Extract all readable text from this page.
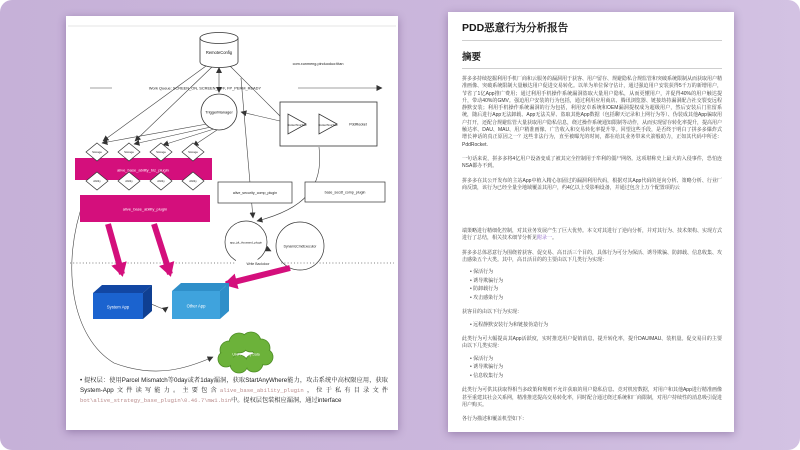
Work Queue: SCREEN_ON, SCREEN_OFF, FP_PERM_READY
RemoteConfig
com.xunmeng.pinduoduo:titan
TriggerManager
RocketTimeTask	RocketTimeTask	PddRocket
alive_base_ability_biz_plugin
Storage	Storage	Storage	Storage
Ability	Ability	Ability	Ability
alive_base_ability_plugin
alive_security_comp_plugin	base_secdt_comp_plugin
app_jdt_thousand_plugin
DynamicCmdExecutor
Write Backdoor
System App	Other App
User Privacy Data
• 提权层：使用Parcel Mismatch等0day或者1day漏洞，获取StartAnyWhere能力，攻击系统中高权限应用，获取System-App文件读写能力。主要包含alive_base_ability_plugin，位于私有目录文件bot\alive_strategy_base_plugin\0.46.7\mw1.bin中。提权层包装相应漏洞，通过interface
PDD恶意行为分析报告
摘要

拼多多持续挖掘利用手机厂商和云服务的漏洞用于获客、用户留存、规避隐私合规监管和突破系统限制从而获取用户精准画像、突破系统限制大量触达用户促进交易转化。以单为单位保守估计，通过强迫用户安装获得5千万的新增用户，节省了1亿App推广费用；通过利用手机操作系统漏洞盗取大量用户隐私，从而更懂用户，并促得40%的用户触达提升，带动40%的GMV。强迫用户安装的行为包括，通过利用应用商店、腾讯浏览器、链接劫持漏洞配合社交裂变远程静默安装；利用手机操作系统漏洞的行为包括，利用安卓系统和OEM漏洞提权成为超级用户，然后安装后门驻留系统，随后进行App无法卸载、App无法关屏、盗取其他App数据（包括聊天记录和上网行为等）、伪装成其他App骗取用户打开，还配合规避监管大量获取用户隐私信息，绕过操作系统通知限制等动作，从而实现留存转化率提升，提高用户触达率、DAU、MAU、用户精准画像、广告收入和交易转化率提升等。回望这些手段，是否终于明白了拼多多爆炸式增长神话的真正原因之一？这些非法行为，直至被曝光的时间，都在给其业务带来火箭般助力，正如其代码中所述：PddRocket.

一句话来说，拼多多将4亿用户设备变成了被其完全控制用于牟利的僵尸网络。这项堪称史上最大的入侵事件，恐怕连NSA都办不到。

拼多多在其公开发布的主站App中植入精心加固过的漏洞利用代码，根据对其App代码的逆向分析、策略分析、行业厂商反馈，该行为已经全量全地域覆盖其用户，约4亿以上受影响设备，并通过包含上万个配置项的云

端策略进行精细化控制，对其业务发展产生了巨大优势。本文对其进行了逆向分析，并对其行为、技术架构、实现方式进行了总结，相关技术细节分析见附录一。

拼多多总体恶意行为围绕着获客、促交易、高日活三个目的，具体行为可分为保活、诱导欺骗、防卸载、信息收集、攻击感染五个大类。其中，高日活目的的主要由以下几类行为实现：

• 保活行为
• 诱导欺骗行为
• 防卸载行为
• 攻击感染行为

获客目的由以下行为实现：

• 远程静默安装行为和链接伪造行为

此类行为可大幅提高其App活跃度，实时推送用户促销消息，提升转化率，提升DAU/MAU、装机量。促交易目的主要由以下几类实现：

• 保活行为
• 诱导欺骗行为
• 信息收集行为

此类行为可供其获取得相当多政策和规则不允许获取的用户隐私信息、竞对机密数据，对用户和其他App进行精准画像甚至重建其社会关系网，精准推送提高交易转化率，同时配合通过绕过系统和厂商限制，对用户持续性的消息吸引促进用户购买。

各行为描述和覆盖机型如下：
